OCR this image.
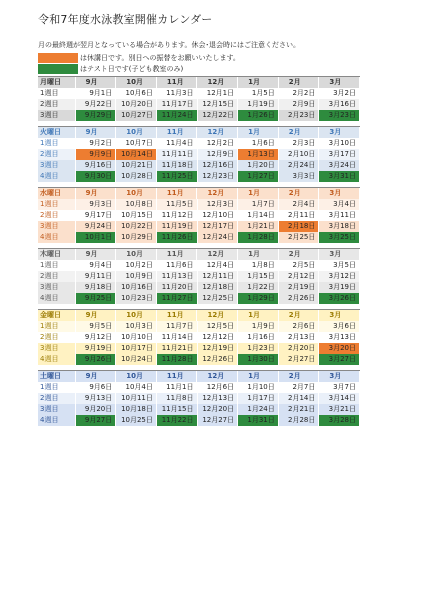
令和7年度水泳教室開催カレンダー
月の最終週が翌月となっている場合があります。休会･退会時にはご注意ください。
は休講日です。別日への振替をお願いいたします。
はテスト日です(子ども教室のみ)
月曜日	9月	10月	11月	12月	1月	2月	3月
1週目	9月1日	10月6日	11月3日	12月1日	1月5日	2月2日	3月2日
2週目	9月22日	10月20日	11月17日	12月15日	1月19日	2月9日	3月16日
3週目	9月29日	10月27日	11月24日	12月22日	1月26日	2月23日	3月23日
火曜日	9月	10月	11月	12月	1月	2月	3月
1週目	9月2日	10月7日	11月4日	12月2日	1月6日	2月3日	3月10日
2週目	9月9日	10月14日	11月11日	12月9日	1月13日	2月10日	3月17日
3週目	9月16日	10月21日	11月18日	12月16日	1月20日	2月24日	3月24日
4週目	9月30日	10月28日	11月25日	12月23日	1月27日	3月3日	3月31日
水曜日	9月	10月	11月	12月	1月	2月	3月
1週目	9月3日	10月8日	11月5日	12月3日	1月7日	2月4日	3月4日
2週目	9月17日	10月15日	11月12日	12月10日	1月14日	2月11日	3月11日
3週目	9月24日	10月22日	11月19日	12月17日	1月21日	2月18日	3月18日
4週目	10月1日	10月29日	11月26日	12月24日	1月28日	2月25日	3月25日
木曜日	9月	10月	11月	12月	1月	2月	3月
1週目	9月4日	10月2日	11月6日	12月4日	1月8日	2月5日	3月5日
2週目	9月11日	10月9日	11月13日	12月11日	1月15日	2月12日	3月12日
3週目	9月18日	10月16日	11月20日	12月18日	1月22日	2月19日	3月19日
4週目	9月25日	10月23日	11月27日	12月25日	1月29日	2月26日	3月26日
金曜日	9月	10月	11月	12月	1月	2月	3月
1週目	9月5日	10月3日	11月7日	12月5日	1月9日	2月6日	3月6日
2週目	9月12日	10月10日	11月14日	12月12日	1月16日	2月13日	3月13日
3週目	9月19日	10月17日	11月21日	12月19日	1月23日	2月20日	3月20日
4週目	9月26日	10月24日	11月28日	12月26日	1月30日	2月27日	3月27日
土曜日	9月	10月	11月	12月	1月	2月	3月
1週目	9月6日	10月4日	11月1日	12月6日	1月10日	2月7日	3月7日
2週目	9月13日	10月11日	11月8日	12月13日	1月17日	2月14日	3月14日
3週目	9月20日	10月18日	11月15日	12月20日	1月24日	2月21日	3月21日
4週目	9月27日	10月25日	11月22日	12月27日	1月31日	2月28日	3月28日
